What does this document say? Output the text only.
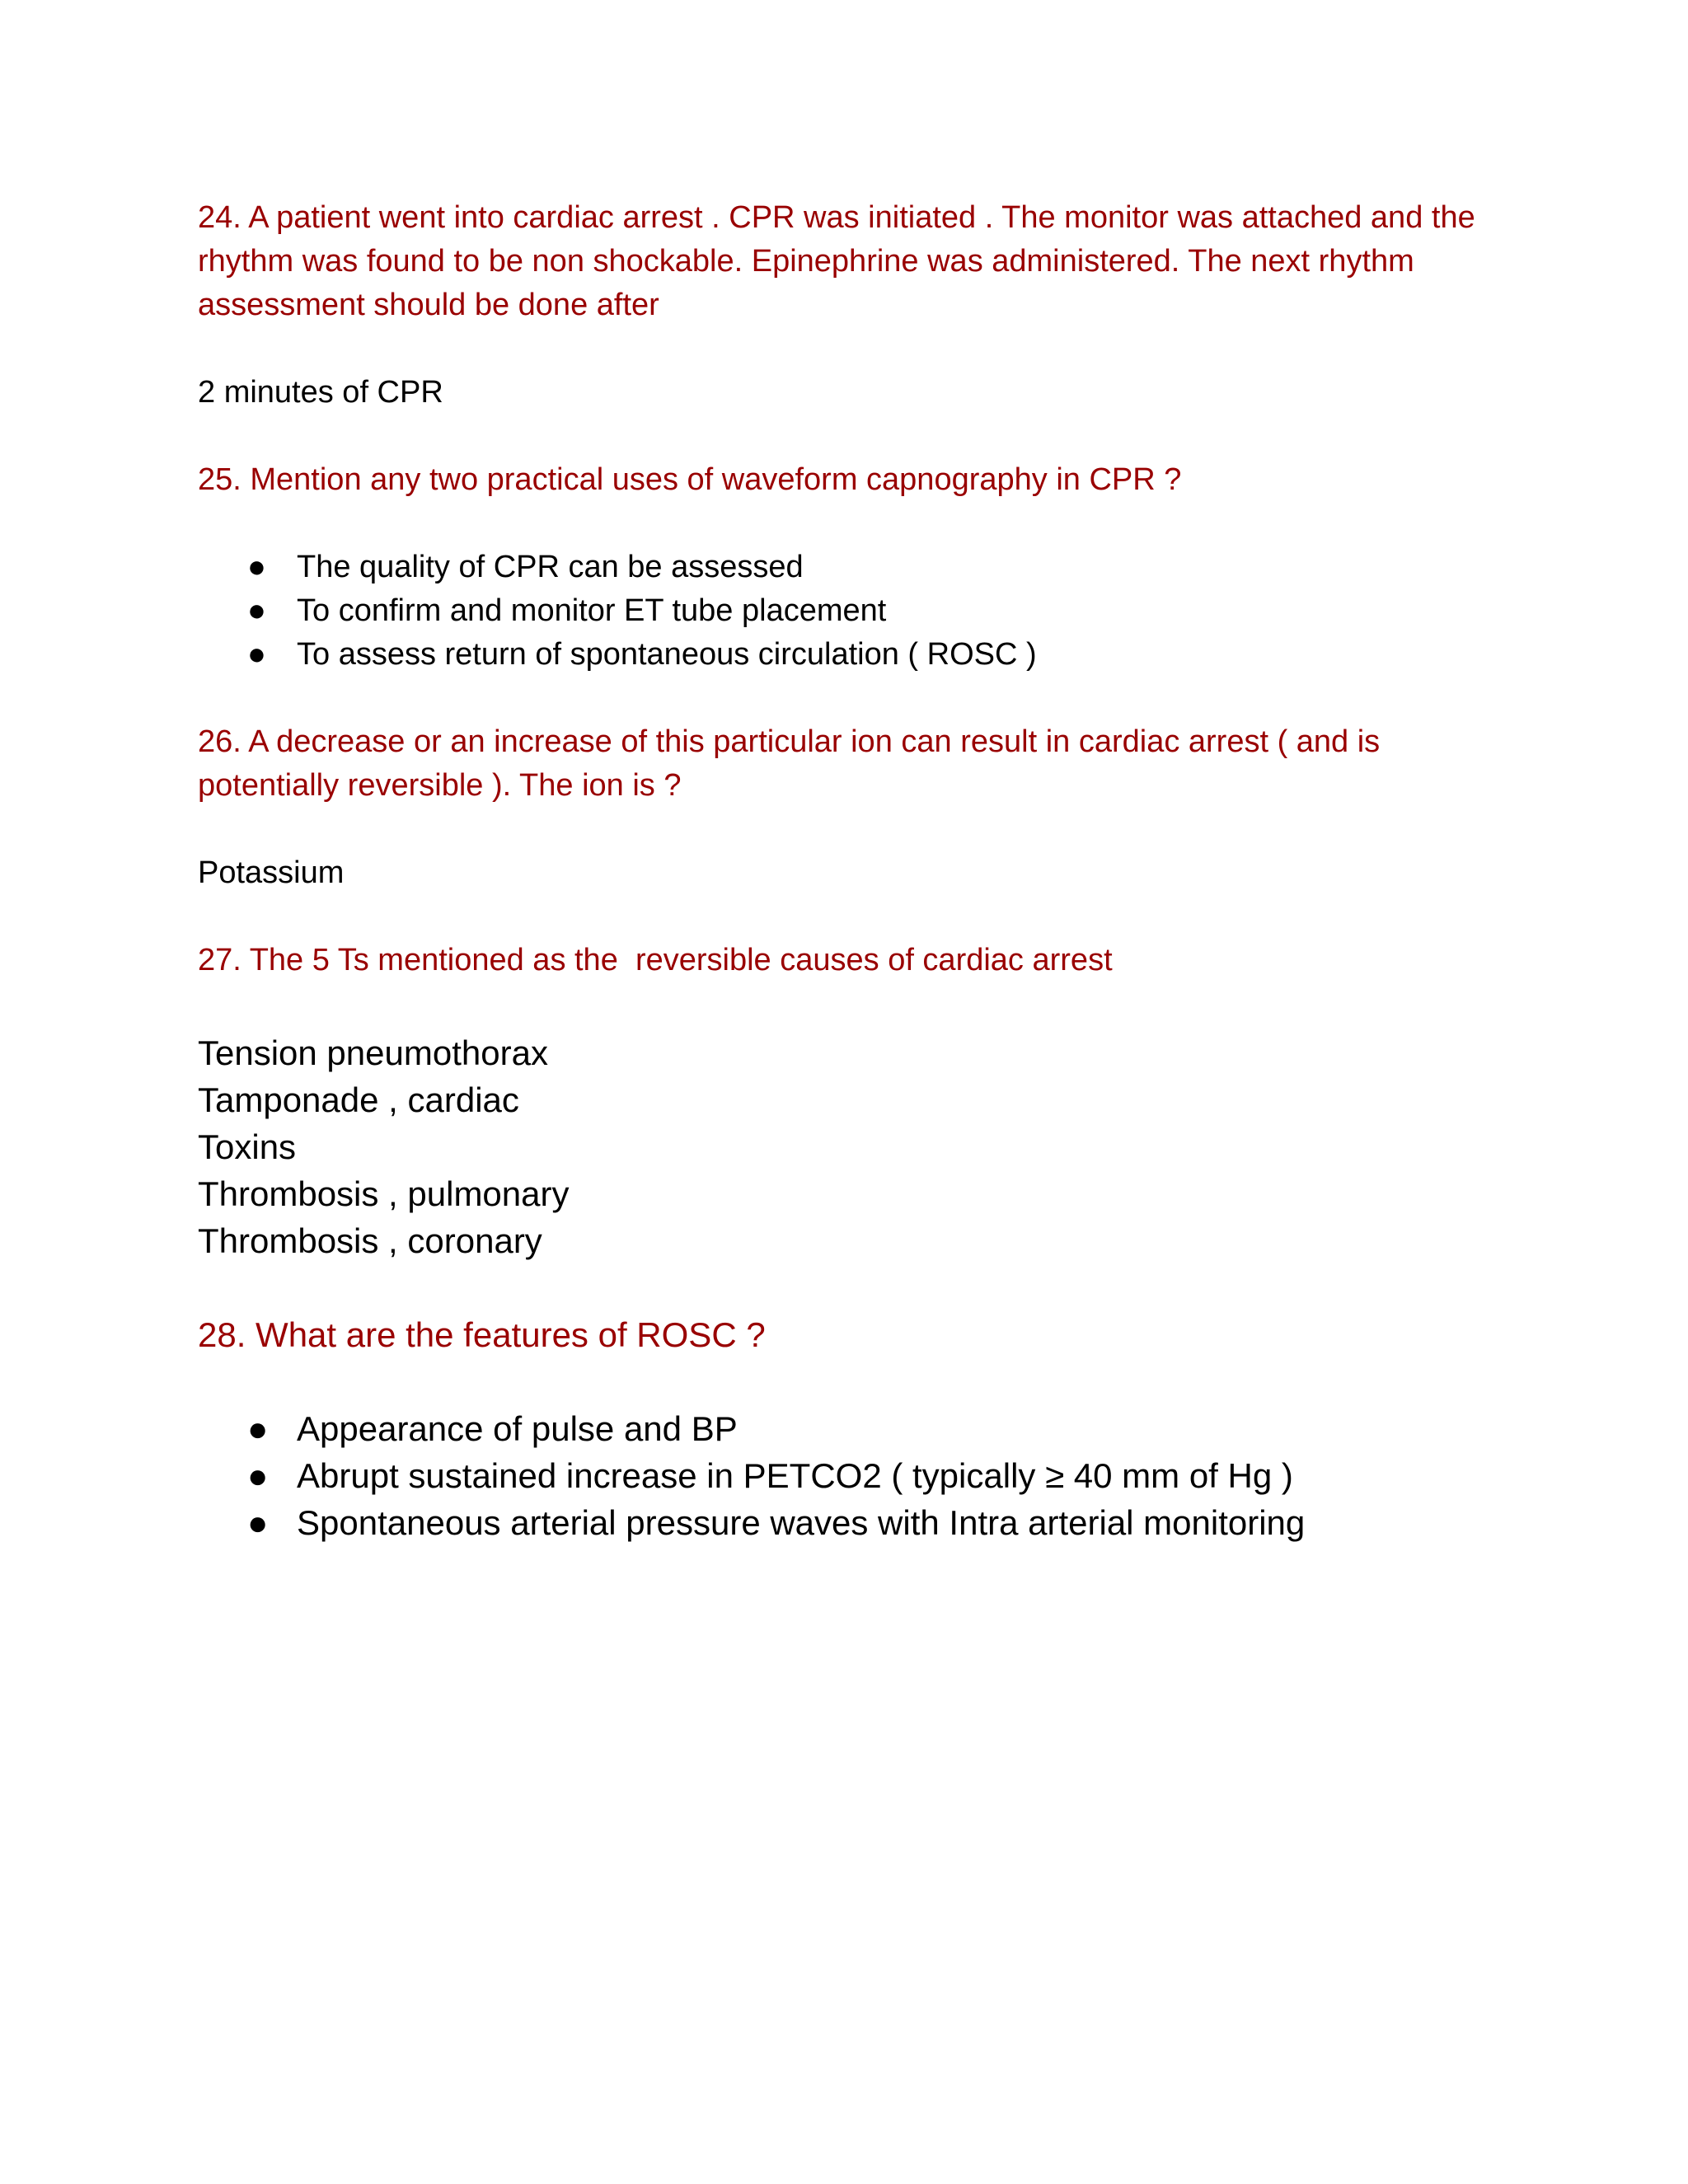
24. A patient went into cardiac arrest . CPR was initiated . The monitor was attached and the rhythm was found to be non shockable. Epinephrine was administered. The next rhythm assessment should be done after

2 minutes of CPR

25. Mention any two practical uses of waveform capnography in CPR ?

● The quality of CPR can be assessed
● To confirm and monitor ET tube placement
● To assess return of spontaneous circulation ( ROSC )

26. A decrease or an increase of this particular ion can result in cardiac arrest ( and is potentially reversible ). The ion is ?

Potassium

27. The 5 Ts mentioned as the  reversible causes of cardiac arrest

Tension pneumothorax

Tamponade , cardiac

Toxins

Thrombosis , pulmonary

Thrombosis , coronary

28. What are the features of ROSC ?

● Appearance of pulse and BP
● Abrupt sustained increase in PETCO2 ( typically ≥ 40 mm of Hg )
● Spontaneous arterial pressure waves with Intra arterial monitoring
